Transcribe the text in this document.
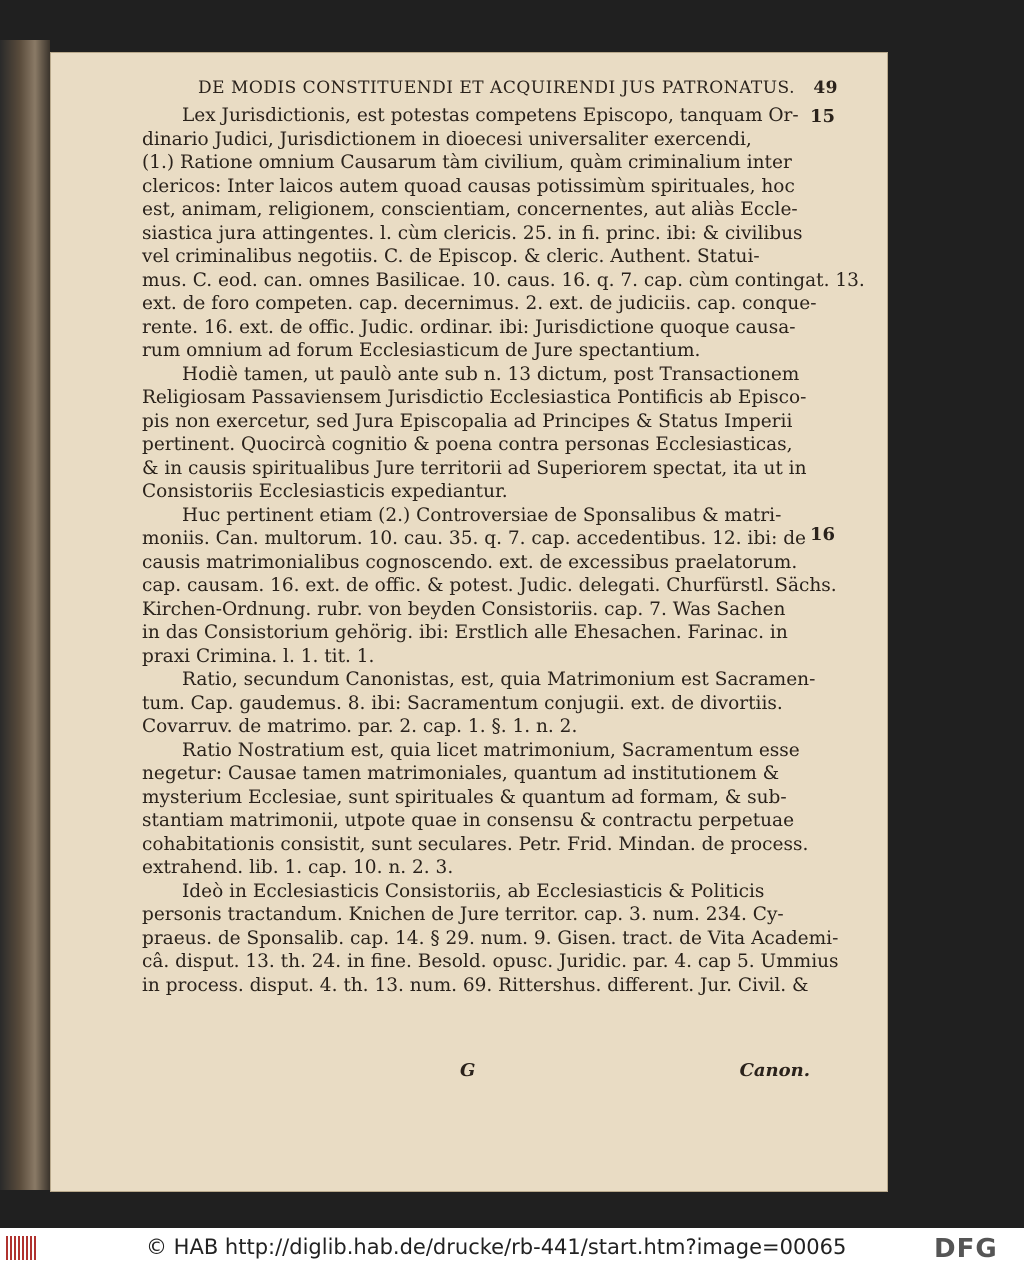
DE MODIS CONSTITUENDI ET ACQUIRENDI JUS PATRONATUS. 49
15
16
Lex Jurisdictionis, est potestas competens Episcopo, tanquam Or-
dinario Judici, Jurisdictionem in dioecesi universaliter exercendi,
(1.) Ratione omnium Causarum tàm civilium, quàm criminalium inter
clericos: Inter laicos autem quoad causas potissimùm spirituales, hoc
est, animam, religionem, conscientiam, concernentes, aut aliàs Eccle-
siastica jura attingentes. l. cùm clericis. 25. in fi. princ. ibi: & civilibus
vel criminalibus negotiis. C. de Episcop. & cleric. Authent. Statui-
mus. C. eod. can. omnes Basilicae. 10. caus. 16. q. 7. cap. cùm contingat. 13.
ext. de foro competen. cap. decernimus. 2. ext. de judiciis. cap. conque-
rente. 16. ext. de offic. Judic. ordinar. ibi: Jurisdictione quoque causa-
rum omnium ad forum Ecclesiasticum de Jure spectantium.
Hodiè tamen, ut paulò ante sub n. 13 dictum, post Transactionem
Religiosam Passaviensem Jurisdictio Ecclesiastica Pontificis ab Episco-
pis non exercetur, sed Jura Episcopalia ad Principes & Status Imperii
pertinent. Quocircà cognitio & poena contra personas Ecclesiasticas,
& in causis spiritualibus Jure territorii ad Superiorem spectat, ita ut in
Consistoriis Ecclesiasticis expediantur.
Huc pertinent etiam (2.) Controversiae de Sponsalibus & matri-
moniis. Can. multorum. 10. cau. 35. q. 7. cap. accedentibus. 12. ibi: de
causis matrimonialibus cognoscendo. ext. de excessibus praelatorum.
cap. causam. 16. ext. de offic. & potest. Judic. delegati. Churfürstl. Sächs.
Kirchen-Ordnung. rubr. von beyden Consistoriis. cap. 7. Was Sachen
in das Consistorium gehörig. ibi: Erstlich alle Ehesachen. Farinac. in
praxi Crimina. l. 1. tit. 1.
Ratio, secundum Canonistas, est, quia Matrimonium est Sacramen-
tum. Cap. gaudemus. 8. ibi: Sacramentum conjugii. ext. de divortiis.
Covarruv. de matrimo. par. 2. cap. 1. §. 1. n. 2.
Ratio Nostratium est, quia licet matrimonium, Sacramentum esse
negetur: Causae tamen matrimoniales, quantum ad institutionem &
mysterium Ecclesiae, sunt spirituales & quantum ad formam, & sub-
stantiam matrimonii, utpote quae in consensu & contractu perpetuae
cohabitationis consistit, sunt seculares. Petr. Frid. Mindan. de process.
extrahend. lib. 1. cap. 10. n. 2. 3.
Ideò in Ecclesiasticis Consistoriis, ab Ecclesiasticis & Politicis
personis tractandum. Knichen de Jure territor. cap. 3. num. 234. Cy-
praeus. de Sponsalib. cap. 14. § 29. num. 9. Gisen. tract. de Vita Academi-
câ. disput. 13. th. 24. in fine. Besold. opusc. Juridic. par. 4. cap 5. Ummius
in process. disput. 4. th. 13. num. 69. Rittershus. different. Jur. Civil. &
G	Canon.
© HAB http://diglib.hab.de/drucke/rb-441/start.htm?image=00065	DFG
